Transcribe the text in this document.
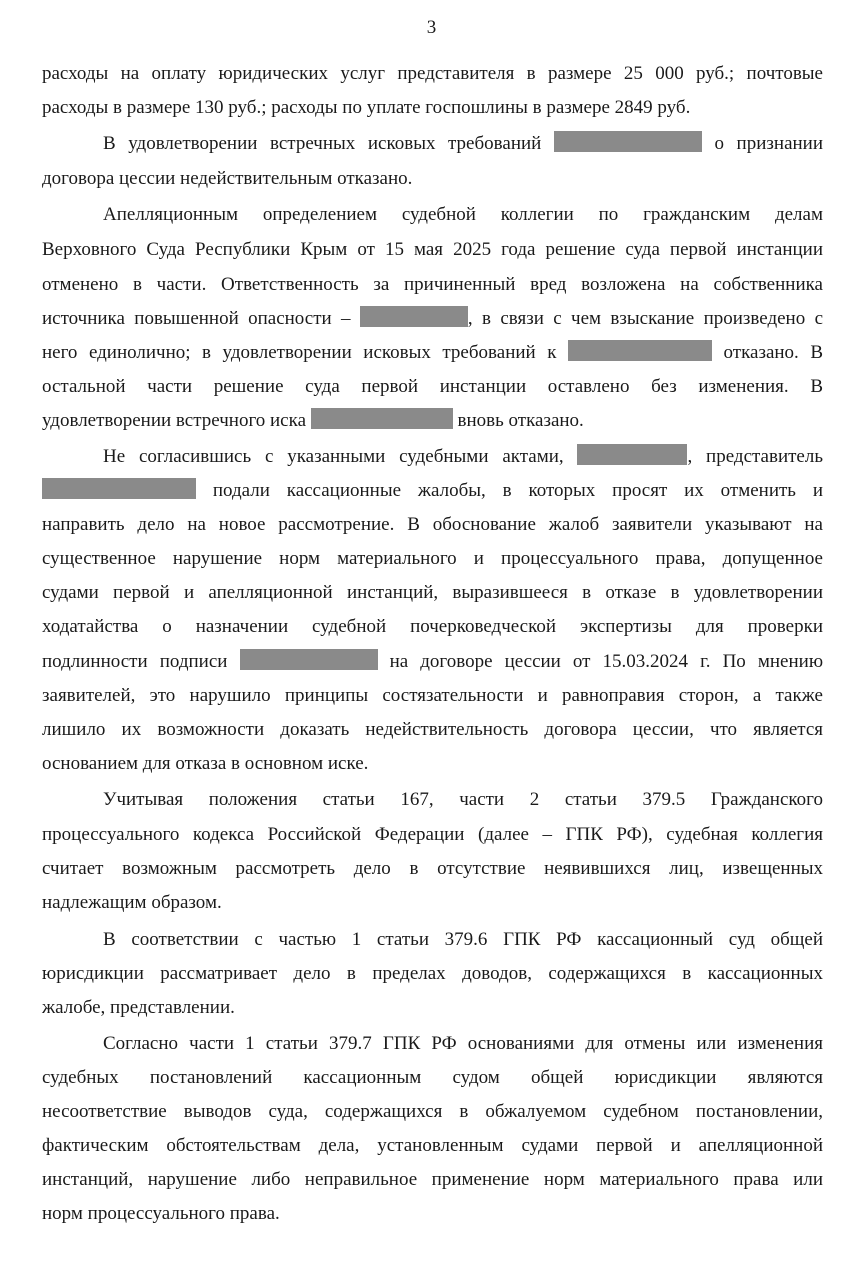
3
расходы на оплату юридических услуг представителя в размере 25 000 руб.; почтовые
расходы в размере 130 руб.; расходы по уплате госпошлины в размере 2849 руб.
В удовлетворении встречных исковых требований	о признании
договора цессии недействительным отказано.
Апелляционным определением судебной коллегии по гражданским делам
Верховного Суда Республики Крым от 15 мая 2025 года решение суда первой инстанции
отменено в части. Ответственность за причиненный вред возложена на собственника
источника повышенной опасности –	, в связи с чем взыскание произведено с
него единолично; в удовлетворении исковых требований к	отказано. В
остальной части решение суда первой инстанции оставлено без изменения. В
удовлетворении встречного иска	вновь отказано.
Не согласившись с указанными судебными актами,	, представитель
подали кассационные жалобы, в которых просят их отменить и
направить дело на новое рассмотрение. В обоснование жалоб заявители указывают на
существенное нарушение норм материального и процессуального права, допущенное
судами первой и апелляционной инстанций, выразившееся в отказе в удовлетворении
ходатайства о назначении судебной почерковедческой экспертизы для проверки
подлинности подписи	на договоре цессии от 15.03.2024 г. По мнению
заявителей, это нарушило принципы состязательности и равноправия сторон, а также
лишило их возможности доказать недействительность договора цессии, что является
основанием для отказа в основном иске.
Учитывая положения статьи 167, части 2 статьи 379.5 Гражданского
процессуального кодекса Российской Федерации (далее – ГПК РФ), судебная коллегия
считает возможным рассмотреть дело в отсутствие неявившихся лиц, извещенных
надлежащим образом.
В соответствии с частью 1 статьи 379.6 ГПК РФ кассационный суд общей
юрисдикции рассматривает дело в пределах доводов, содержащихся в кассационных
жалобе, представлении.
Согласно части 1 статьи 379.7 ГПК РФ основаниями для отмены или изменения
судебных постановлений кассационным судом общей юрисдикции являются
несоответствие выводов суда, содержащихся в обжалуемом судебном постановлении,
фактическим обстоятельствам дела, установленным судами первой и апелляционной
инстанций, нарушение либо неправильное применение норм материального права или
норм процессуального права.
